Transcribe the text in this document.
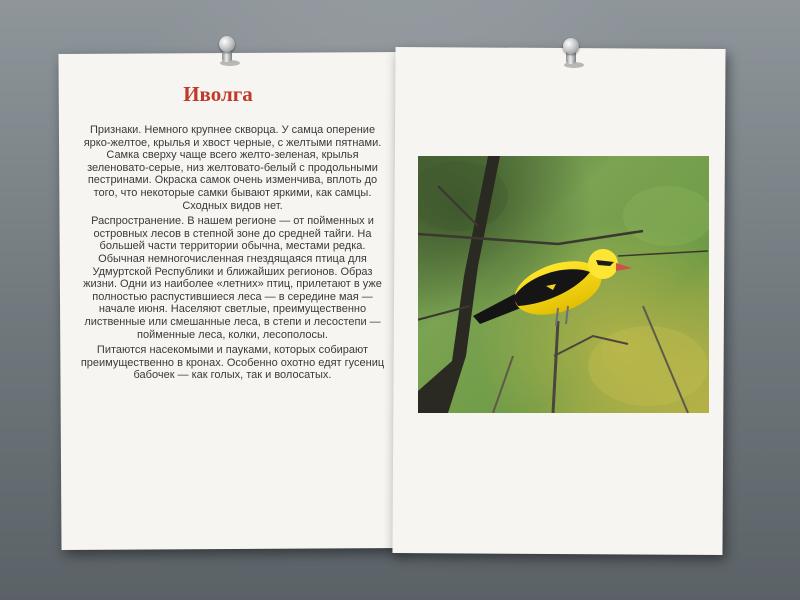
Иволга

Признаки. Немного крупнее скворца. У самца оперение ярко-желтое, крылья и хвост черные, с желтыми пятнами. Самка сверху чаще всего желто-зеленая, крылья зеленовато-серые, низ желтовато-белый с продольными пестринами. Окраска самок очень изменчива, вплоть до того, что некоторые самки бывают яркими, как самцы. Сходных видов нет.

Распространение. В нашем регионе — от пойменных и островных лесов в степной зоне до средней тайги. На большей части территории обычна, местами редка. Обычная немногочисленная гнездящаяся птица для Удмуртской Республики и ближайших регионов. Образ жизни. Одни из наиболее «летних» птиц, прилетают в уже полностью распустившиеся леса — в середине мая — начале июня. Населяют светлые, преимущественно лиственные или смешанные леса, в степи и лесостепи — пойменные леса, колки, лесополосы.

Питаются насекомыми и пауками, которых собирают преимущественно в кронах. Особенно охотно едят гусениц бабочек — как голых, так и волосатых.
